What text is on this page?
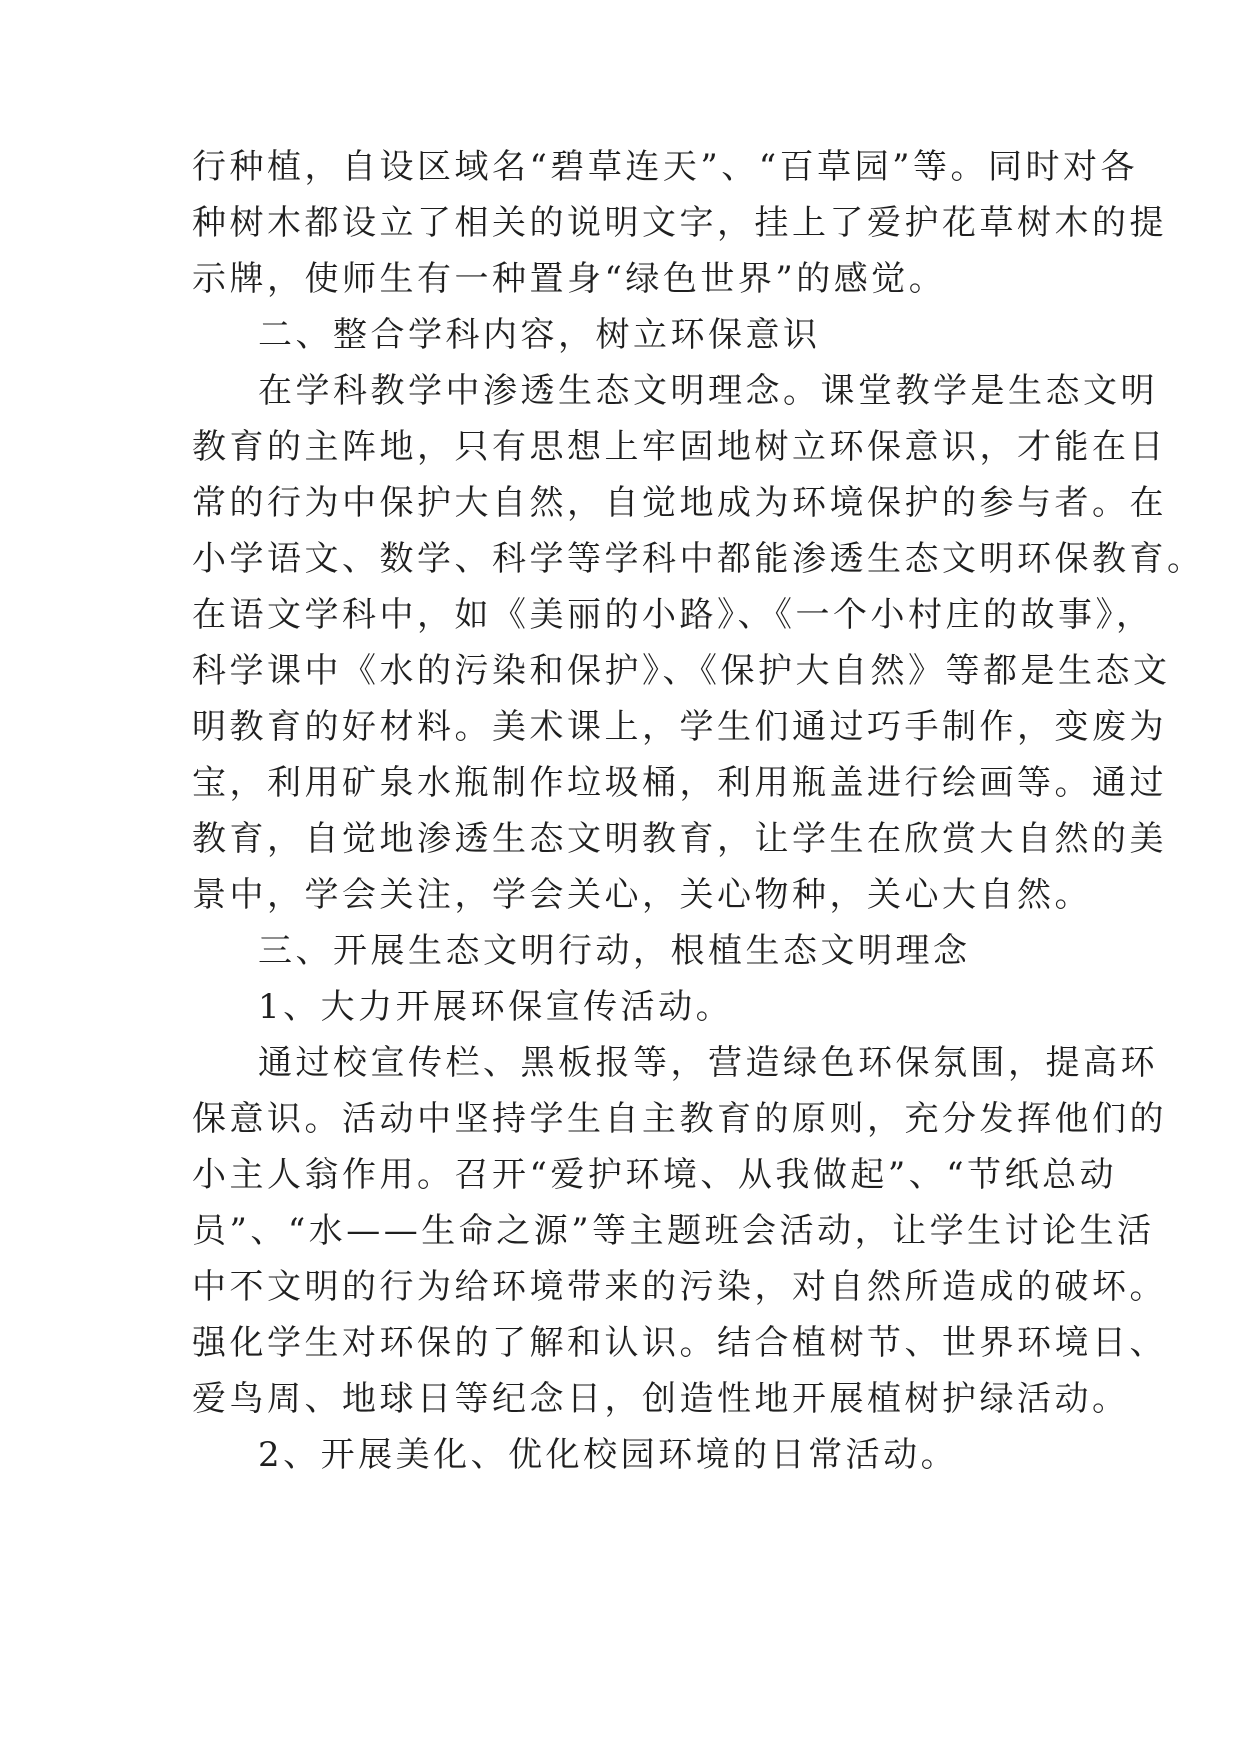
行种植，自设区域名“碧草连天”、“百草园”等。同时对各

种树木都设立了相关的说明文字，挂上了爱护花草树木的提

示牌，使师生有一种置身“绿色世界”的感觉。

二、整合学科内容，树立环保意识

在学科教学中渗透生态文明理念。课堂教学是生态文明

教育的主阵地，只有思想上牢固地树立环保意识，才能在日

常的行为中保护大自然，自觉地成为环境保护的参与者。在

小学语文、数学、科学等学科中都能渗透生态文明环保教育。

在语文学科中，如《美丽的小路》、《一个小村庄的故事》，

科学课中《水的污染和保护》、《保护大自然》等都是生态文

明教育的好材料。美术课上，学生们通过巧手制作，变废为

宝，利用矿泉水瓶制作垃圾桶，利用瓶盖进行绘画等。通过

教育，自觉地渗透生态文明教育，让学生在欣赏大自然的美

景中，学会关注，学会关心，关心物种，关心大自然。

三、开展生态文明行动，根植生态文明理念

1、大力开展环保宣传活动。

通过校宣传栏、黑板报等，营造绿色环保氛围，提高环

保意识。活动中坚持学生自主教育的原则，充分发挥他们的

小主人翁作用。召开“爱护环境、从我做起”、“节纸总动

员”、“水——生命之源”等主题班会活动，让学生讨论生活

中不文明的行为给环境带来的污染，对自然所造成的破坏。

强化学生对环保的了解和认识。结合植树节、世界环境日、

爱鸟周、地球日等纪念日，创造性地开展植树护绿活动。

2、开展美化、优化校园环境的日常活动。
